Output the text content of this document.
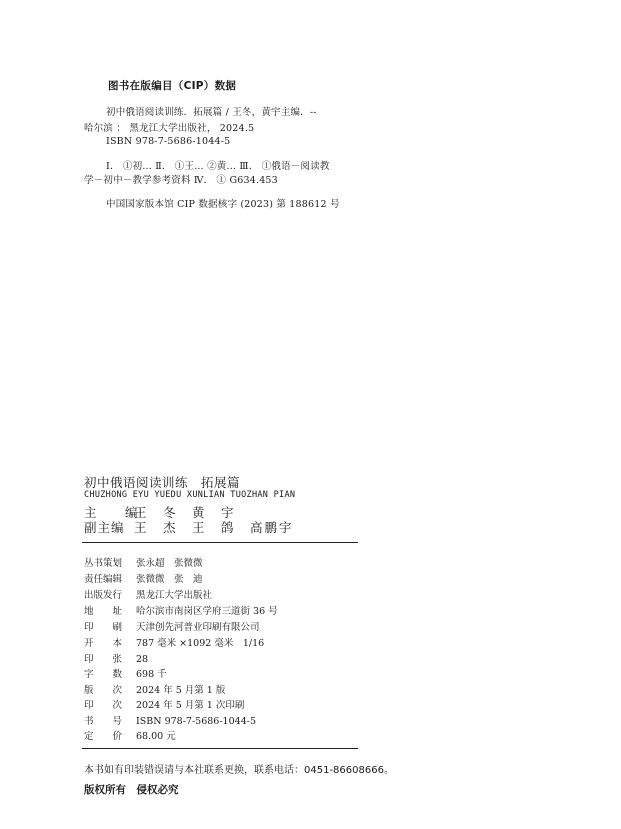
图书在版编目（CIP）数据
初中俄语阅读训练．拓展篇 / 王冬，黄宇主编．--
哈尔滨 ： 黑龙江大学出版社， 2024.5
ISBN 978-7-5686-1044-5
Ⅰ． ①初… Ⅱ． ①王… ②黄… Ⅲ． ①俄语－阅读教
学－初中－教学参考资料 Ⅳ． ① G634.453
中国国家版本馆 CIP 数据核字 (2023) 第 188612 号
初中俄语阅读训练　拓展篇
CHUZHONG EYU YUEDU XUNLIAN TUOZHAN PIAN
主　编王　冬　黄　宇
副主编 王　杰　王　鸽　高鹏宇
丛书策划 张永超　张微微
责任编辑 张微微　张　迪
出版发行 黑龙江大学出版社
地　　址 哈尔滨市南岗区学府三道街 36 号
印　　刷 天津创先河普业印刷有限公司
开　　本 787 毫米 ×1092 毫米　1/16
印　　张 28
字　　数 698 千
版　　次 2024 年 5 月第 1 版
印　　次 2024 年 5 月第 1 次印刷
书　　号 ISBN 978-7-5686-1044-5
定　　价 68.00 元
本书如有印装错误请与本社联系更换，联系电话：0451-86608666。
版权所有　侵权必究
